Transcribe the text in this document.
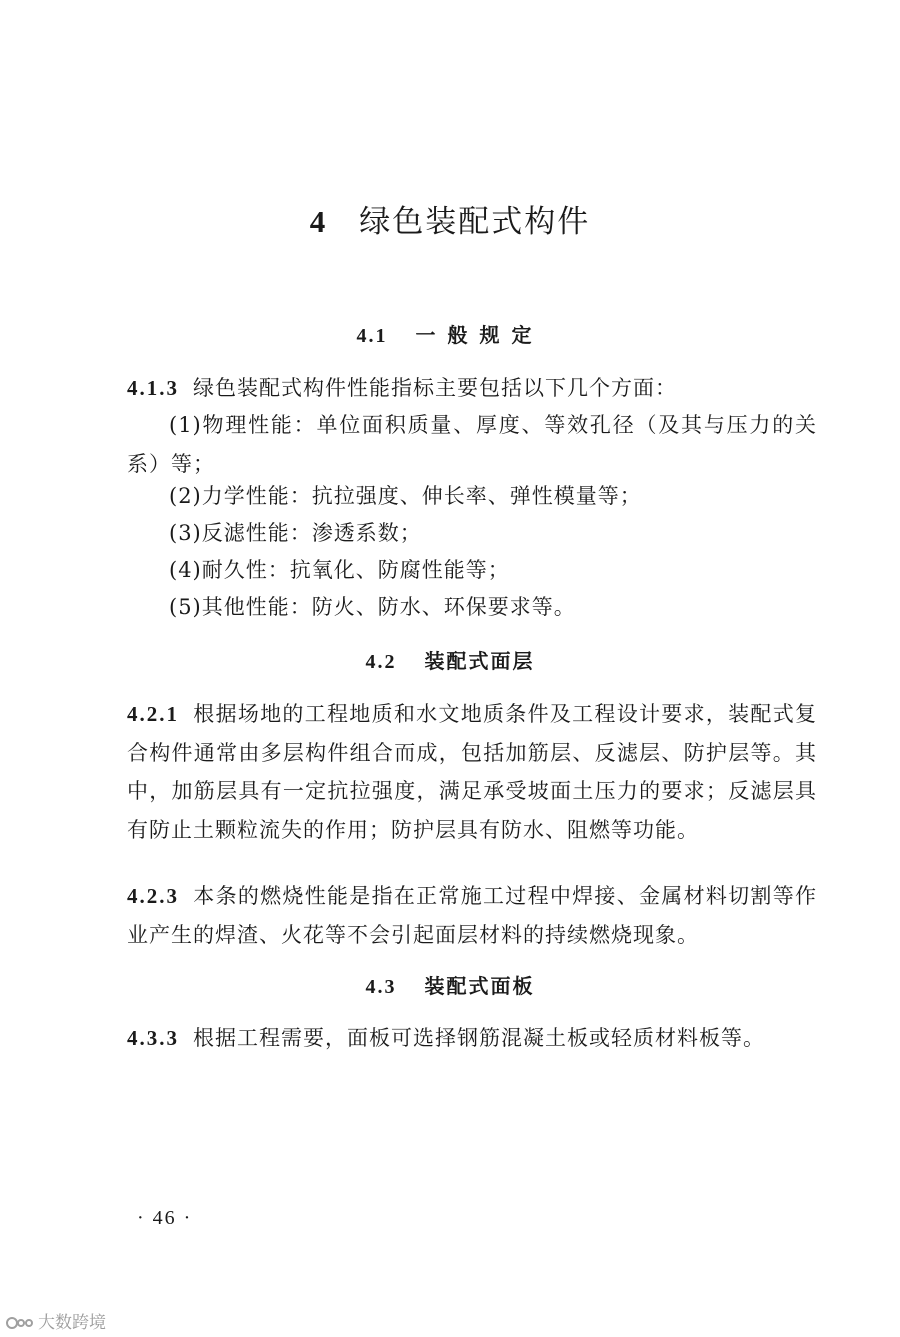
4 绿色装配式构件
4.1 一般规定
4.1.3 绿色装配式构件性能指标主要包括以下几个方面：
(1)物理性能：单位面积质量、厚度、等效孔径（及其与压力的关系）等；
(2)力学性能：抗拉强度、伸长率、弹性模量等；
(3)反滤性能：渗透系数；
(4)耐久性：抗氧化、防腐性能等；
(5)其他性能：防火、防水、环保要求等。
4.2 装配式面层
4.2.1 根据场地的工程地质和水文地质条件及工程设计要求，装配式复合构件通常由多层构件组合而成，包括加筋层、反滤层、防护层等。其中，加筋层具有一定抗拉强度，满足承受坡面土压力的要求；反滤层具有防止土颗粒流失的作用；防护层具有防水、阻燃等功能。
4.2.3 本条的燃烧性能是指在正常施工过程中焊接、金属材料切割等作业产生的焊渣、火花等不会引起面层材料的持续燃烧现象。
4.3 装配式面板
4.3.3 根据工程需要，面板可选择钢筋混凝土板或轻质材料板等。
· 46 ·
大数跨境
